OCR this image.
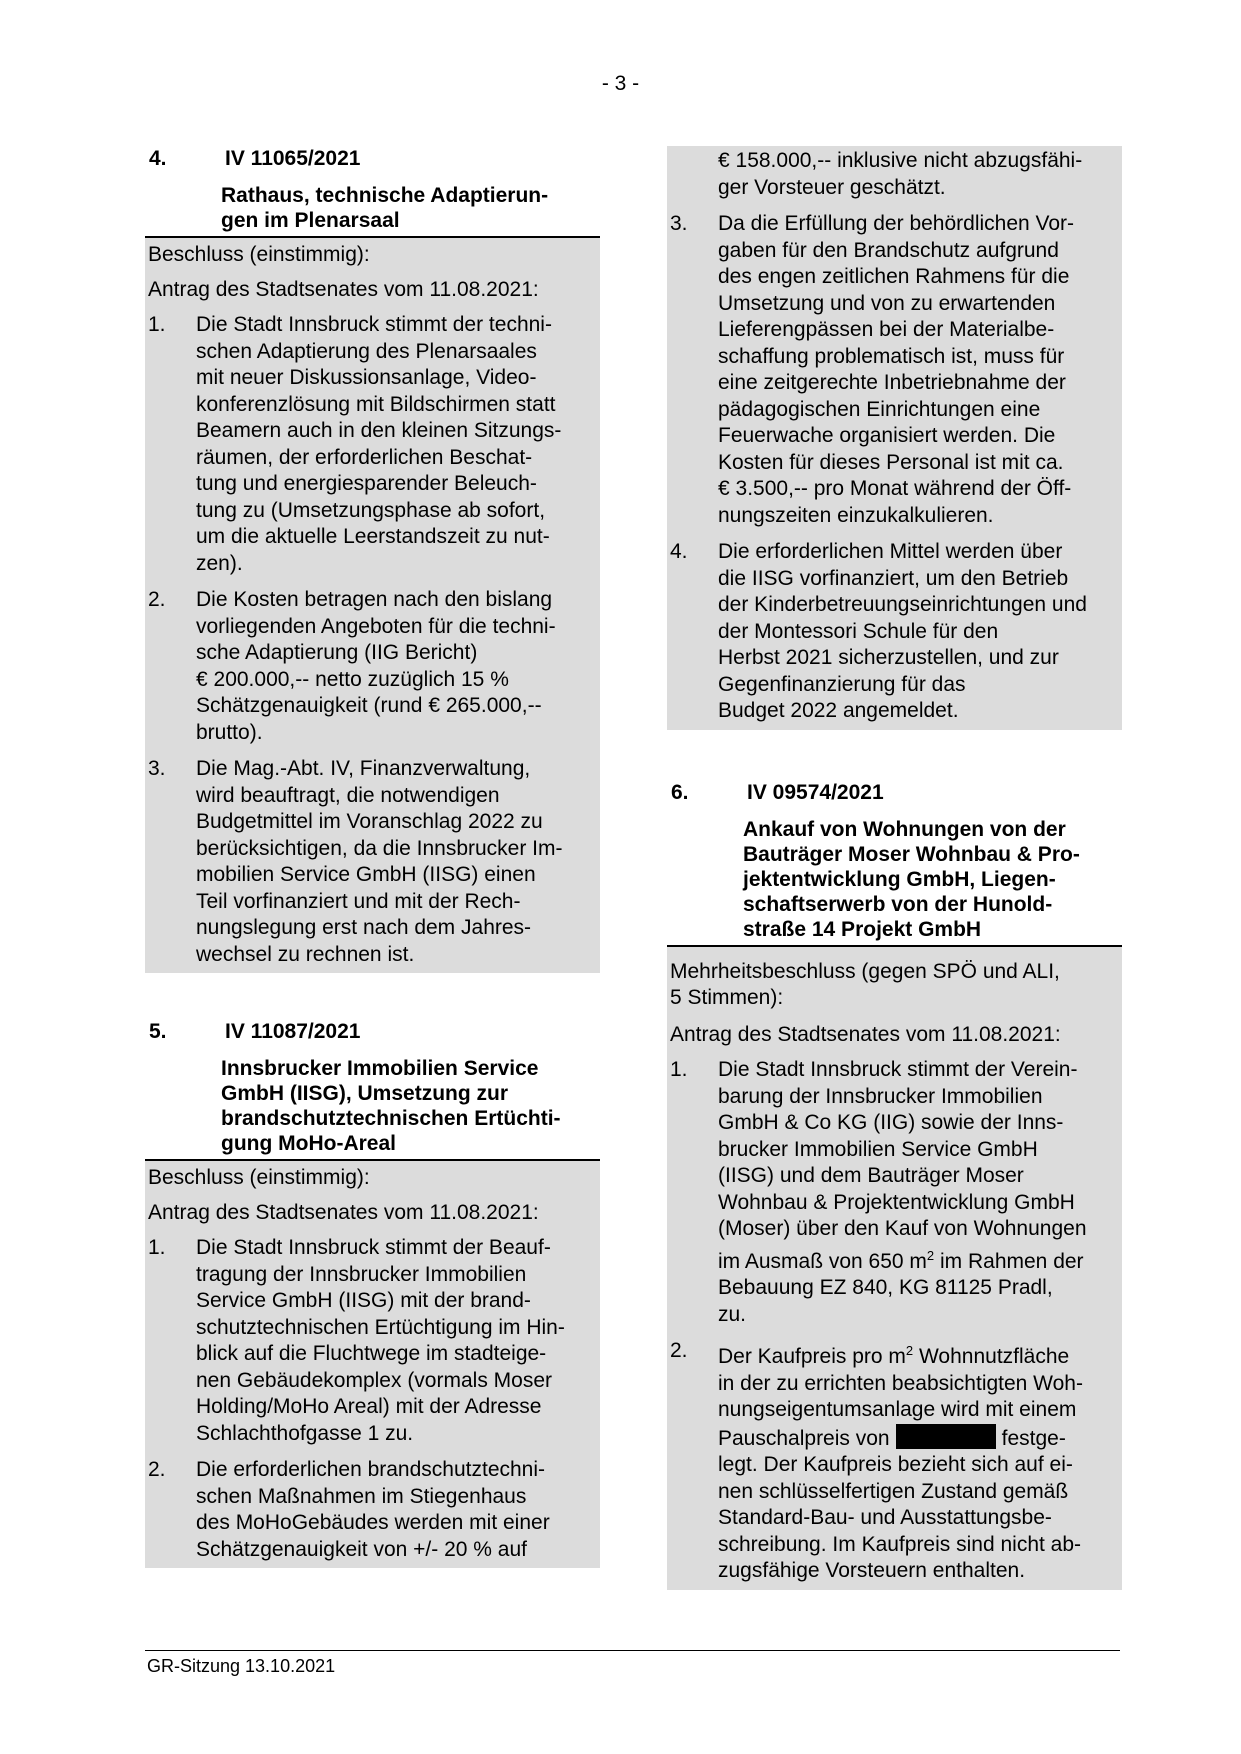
- 3 -
4.	IV 11065/2021
Rathaus, technische Adaptierun-
gen im Plenarsaal
Beschluss (einstimmig):
Antrag des Stadtsenates vom 11.08.2021:
1.	Die Stadt Innsbruck stimmt der techni-
schen Adaptierung des Plenarsaales
mit neuer Diskussionsanlage, Video-
konferenzlösung mit Bildschirmen statt
Beamern auch in den kleinen Sitzungs-
räumen, der erforderlichen Beschat-
tung und energiesparender Beleuch-
tung zu (Umsetzungsphase ab sofort,
um die aktuelle Leerstandszeit zu nut-
zen).
2.	Die Kosten betragen nach den bislang
vorliegenden Angeboten für die techni-
sche Adaptierung (IIG Bericht)
€ 200.000,-- netto zuzüglich 15 %
Schätzgenauigkeit (rund € 265.000,--
brutto).
3.	Die Mag.-Abt. IV, Finanzverwaltung,
wird beauftragt, die notwendigen
Budgetmittel im Voranschlag 2022 zu
berücksichtigen, da die Innsbrucker Im-
mobilien Service GmbH (IISG) einen
Teil vorfinanziert und mit der Rech-
nungslegung erst nach dem Jahres-
wechsel zu rechnen ist.
5.	IV 11087/2021
Innsbrucker Immobilien Service
GmbH (IISG), Umsetzung zur
brandschutztechnischen Ertüchti-
gung MoHo-Areal
Beschluss (einstimmig):
Antrag des Stadtsenates vom 11.08.2021:
1.	Die Stadt Innsbruck stimmt der Beauf-
tragung der Innsbrucker Immobilien
Service GmbH (IISG) mit der brand-
schutztechnischen Ertüchtigung im Hin-
blick auf die Fluchtwege im stadteige-
nen Gebäudekomplex (vormals Moser
Holding/MoHo Areal) mit der Adresse
Schlachthofgasse 1 zu.
2.	Die erforderlichen brandschutztechni-
schen Maßnahmen im Stiegenhaus
des MoHoGebäudes werden mit einer
Schätzgenauigkeit von +/- 20 % auf
€ 158.000,-- inklusive nicht abzugsfähi-
ger Vorsteuer geschätzt.
3.	Da die Erfüllung der behördlichen Vor-
gaben für den Brandschutz aufgrund
des engen zeitlichen Rahmens für die
Umsetzung und von zu erwartenden
Lieferengpässen bei der Materialbe-
schaffung problematisch ist, muss für
eine zeitgerechte Inbetriebnahme der
pädagogischen Einrichtungen eine
Feuerwache organisiert werden. Die
Kosten für dieses Personal ist mit ca.
€ 3.500,-- pro Monat während der Öff-
nungszeiten einzukalkulieren.
4.	Die erforderlichen Mittel werden über
die IISG vorfinanziert, um den Betrieb
der Kinderbetreuungseinrichtungen und
der Montessori Schule für den
Herbst 2021 sicherzustellen, und zur
Gegenfinanzierung für das
Budget 2022 angemeldet.
6.	IV 09574/2021
Ankauf von Wohnungen von der
Bauträger Moser Wohnbau & Pro-
jektentwicklung GmbH, Liegen-
schaftserwerb von der Hunold-
straße 14 Projekt GmbH
Mehrheitsbeschluss (gegen SPÖ und ALI,
5 Stimmen):
Antrag des Stadtsenates vom 11.08.2021:
1.	Die Stadt Innsbruck stimmt der Verein-
barung der Innsbrucker Immobilien
GmbH & Co KG (IIG) sowie der Inns-
brucker Immobilien Service GmbH
(IISG) und dem Bauträger Moser
Wohnbau & Projektentwicklung GmbH
(Moser) über den Kauf von Wohnungen
im Ausmaß von 650 $m^2$ im Rahmen der
Bebauung EZ 840, KG 81125 Pradl,
zu.
2.	Der Kaufpreis pro $m^2$ Wohnnutzfläche
in der zu errichten beabsichtigten Woh-
nungseigentumsanlage wird mit einem
Pauschalpreis von	festge-
legt. Der Kaufpreis bezieht sich auf ei-
nen schlüsselfertigen Zustand gemäß
Standard-Bau- und Ausstattungsbe-
schreibung. Im Kaufpreis sind nicht ab-
zugsfähige Vorsteuern enthalten.
GR-Sitzung 13.10.2021
